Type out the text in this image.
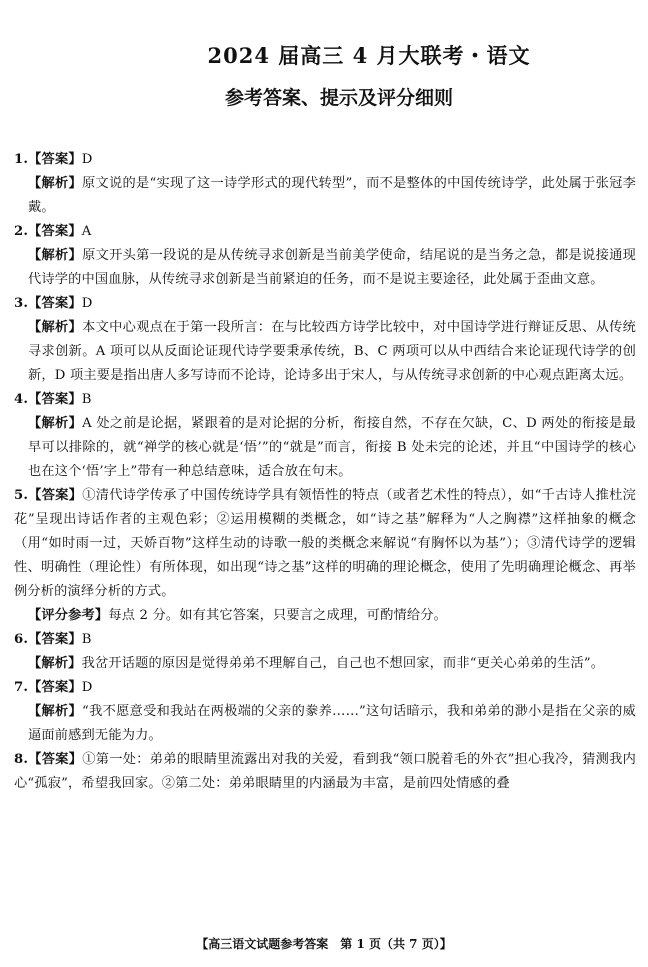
2024 届高三 4 月大联考・语文
参考答案、提示及评分细则
1.【答案】D

【解析】原文说的是“实现了这一诗学形式的现代转型”，而不是整体的中国传统诗学，此处属于张冠李戴。

2.【答案】A

【解析】原文开头第一段说的是从传统寻求创新是当前美学使命，结尾说的是当务之急，都是说接通现代诗学的中国血脉，从传统寻求创新是当前紧迫的任务，而不是说主要途径，此处属于歪曲文意。

3.【答案】D

【解析】本文中心观点在于第一段所言：在与比较西方诗学比较中，对中国诗学进行辩证反思、从传统寻求创新。A 项可以从反面论证现代诗学要秉承传统，B、C 两项可以从中西结合来论证现代诗学的创新，D 项主要是指出唐人多写诗而不论诗，论诗多出于宋人，与从传统寻求创新的中心观点距离太远。

4.【答案】B

【解析】A 处之前是论据，紧跟着的是对论据的分析，衔接自然，不存在欠缺，C、D 两处的衔接是最早可以排除的，就“禅学的核心就是‘悟’”的“就是”而言，衔接 B 处未完的论述，并且“中国诗学的核心也在这个‘悟’字上”带有一种总结意味，适合放在句末。

5.【答案】①清代诗学传承了中国传统诗学具有领悟性的特点（或者艺术性的特点），如“千古诗人推杜浣花”呈现出诗话作者的主观色彩；②运用模糊的类概念，如“诗之基”解释为“人之胸襟”这样抽象的概念（用“如时雨一过，天娇百物”这样生动的诗歌一般的类概念来解说“有胸怀以为基”）；③清代诗学的逻辑性、明确性（理论性）有所体现，如出现“诗之基”这样的明确的理论概念，使用了先明确理论概念、再举例分析的演绎分析的方式。

【评分参考】每点 2 分。如有其它答案，只要言之成理，可酌情给分。

6.【答案】B

【解析】我岔开话题的原因是觉得弟弟不理解自己，自己也不想回家，而非“更关心弟弟的生活”。

7.【答案】D

【解析】“我不愿意受和我站在两极端的父亲的豢养……”这句话暗示，我和弟弟的渺小是指在父亲的威逼面前感到无能为力。

8.【答案】①第一处：弟弟的眼睛里流露出对我的关爱，看到我“领口脱着毛的外衣”担心我冷，猜测我内心“孤寂”，希望我回家。②第二处：弟弟眼睛里的内涵最为丰富，是前四处情感的叠

【高三语文试题参考答案　第 1 页（共 7 页）】
